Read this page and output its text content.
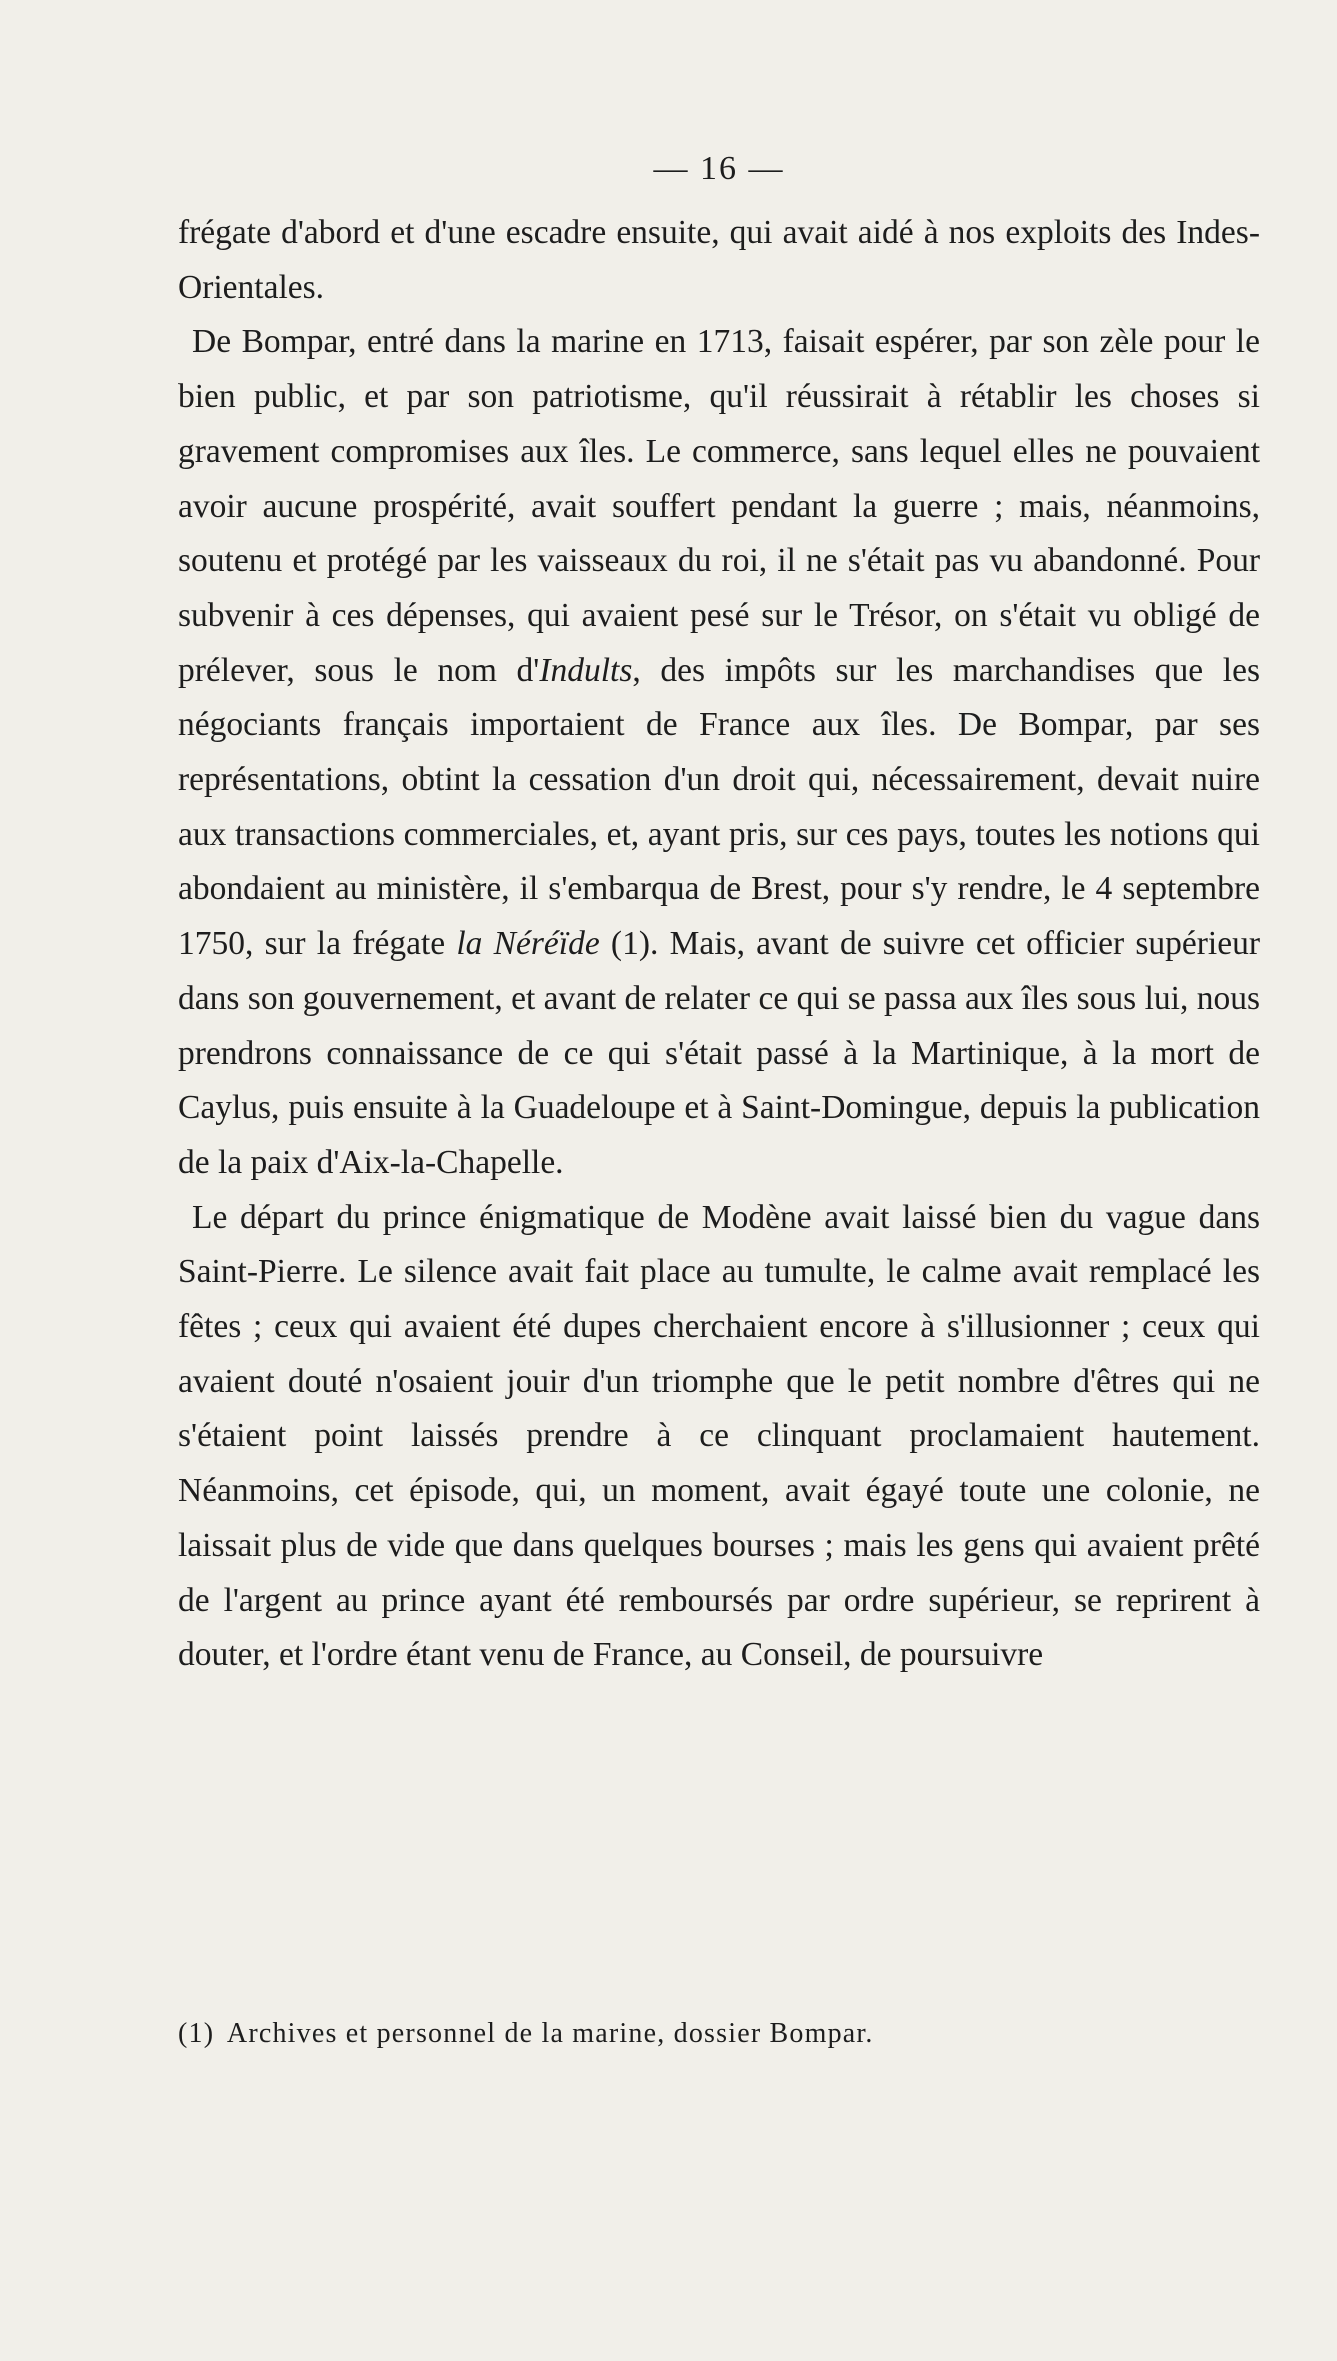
— 16 —

frégate d'abord et d'une escadre ensuite, qui avait aidé à nos exploits des Indes-Orientales.

De Bompar, entré dans la marine en 1713, faisait espérer, par son zèle pour le bien public, et par son patriotisme, qu'il réussirait à rétablir les choses si gravement compromises aux îles. Le commerce, sans lequel elles ne pouvaient avoir aucune prospérité, avait souffert pendant la guerre ; mais, néanmoins, soutenu et protégé par les vaisseaux du roi, il ne s'était pas vu abandonné. Pour subvenir à ces dépenses, qui avaient pesé sur le Trésor, on s'était vu obligé de prélever, sous le nom d'Indults, des impôts sur les marchandises que les négociants français importaient de France aux îles. De Bompar, par ses représentations, obtint la cessation d'un droit qui, nécessairement, devait nuire aux transactions commerciales, et, ayant pris, sur ces pays, toutes les notions qui abondaient au ministère, il s'embarqua de Brest, pour s'y rendre, le 4 septembre 1750, sur la frégate la Néréïde (1). Mais, avant de suivre cet officier supérieur dans son gouvernement, et avant de relater ce qui se passa aux îles sous lui, nous prendrons connaissance de ce qui s'était passé à la Martinique, à la mort de Caylus, puis ensuite à la Guadeloupe et à Saint-Domingue, depuis la publication de la paix d'Aix-la-Chapelle.

Le départ du prince énigmatique de Modène avait laissé bien du vague dans Saint-Pierre. Le silence avait fait place au tumulte, le calme avait remplacé les fêtes ; ceux qui avaient été dupes cherchaient encore à s'illusionner ; ceux qui avaient douté n'osaient jouir d'un triomphe que le petit nombre d'êtres qui ne s'étaient point laissés prendre à ce clinquant proclamaient hautement. Néanmoins, cet épisode, qui, un moment, avait égayé toute une colonie, ne laissait plus de vide que dans quelques bourses ; mais les gens qui avaient prêté de l'argent au prince ayant été remboursés par ordre supérieur, se reprirent à douter, et l'ordre étant venu de France, au Conseil, de poursuivre

(1) Archives et personnel de la marine, dossier Bompar.
